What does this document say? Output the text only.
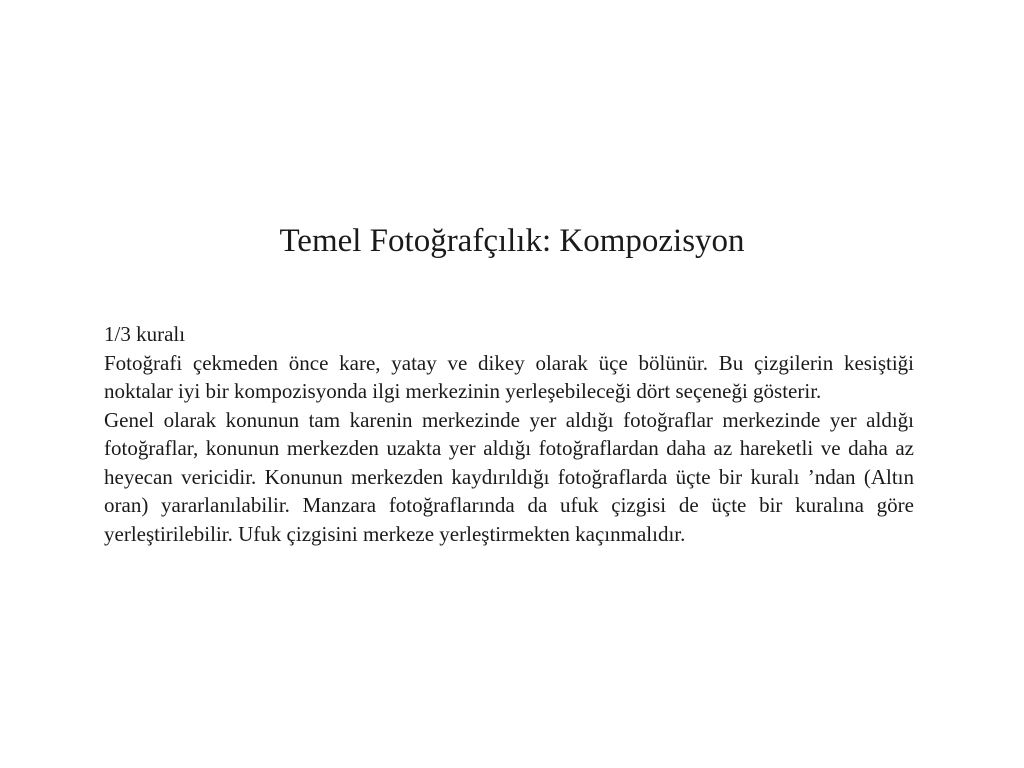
Temel Fotoğrafçılık: Kompozisyon

1/3 kuralı

Fotoğrafi çekmeden önce kare, yatay ve dikey olarak üçe bölünür. Bu çizgilerin kesiştiği noktalar iyi bir kompozisyonda ilgi merkezinin yerleşebileceği dört seçeneği gösterir.

Genel olarak konunun tam karenin merkezinde yer aldığı fotoğraflar merkezinde yer aldığı fotoğraflar, konunun merkezden uzakta yer aldığı fotoğraflardan daha az hareketli ve daha az heyecan vericidir. Konunun merkezden kaydırıldığı fotoğraflarda üçte bir kuralı ’ndan (Altın oran) yararlanılabilir. Manzara fotoğraflarında da ufuk çizgisi de üçte bir kuralına göre yerleştirilebilir. Ufuk çizgisini merkeze yerleştirmekten kaçınmalıdır.
